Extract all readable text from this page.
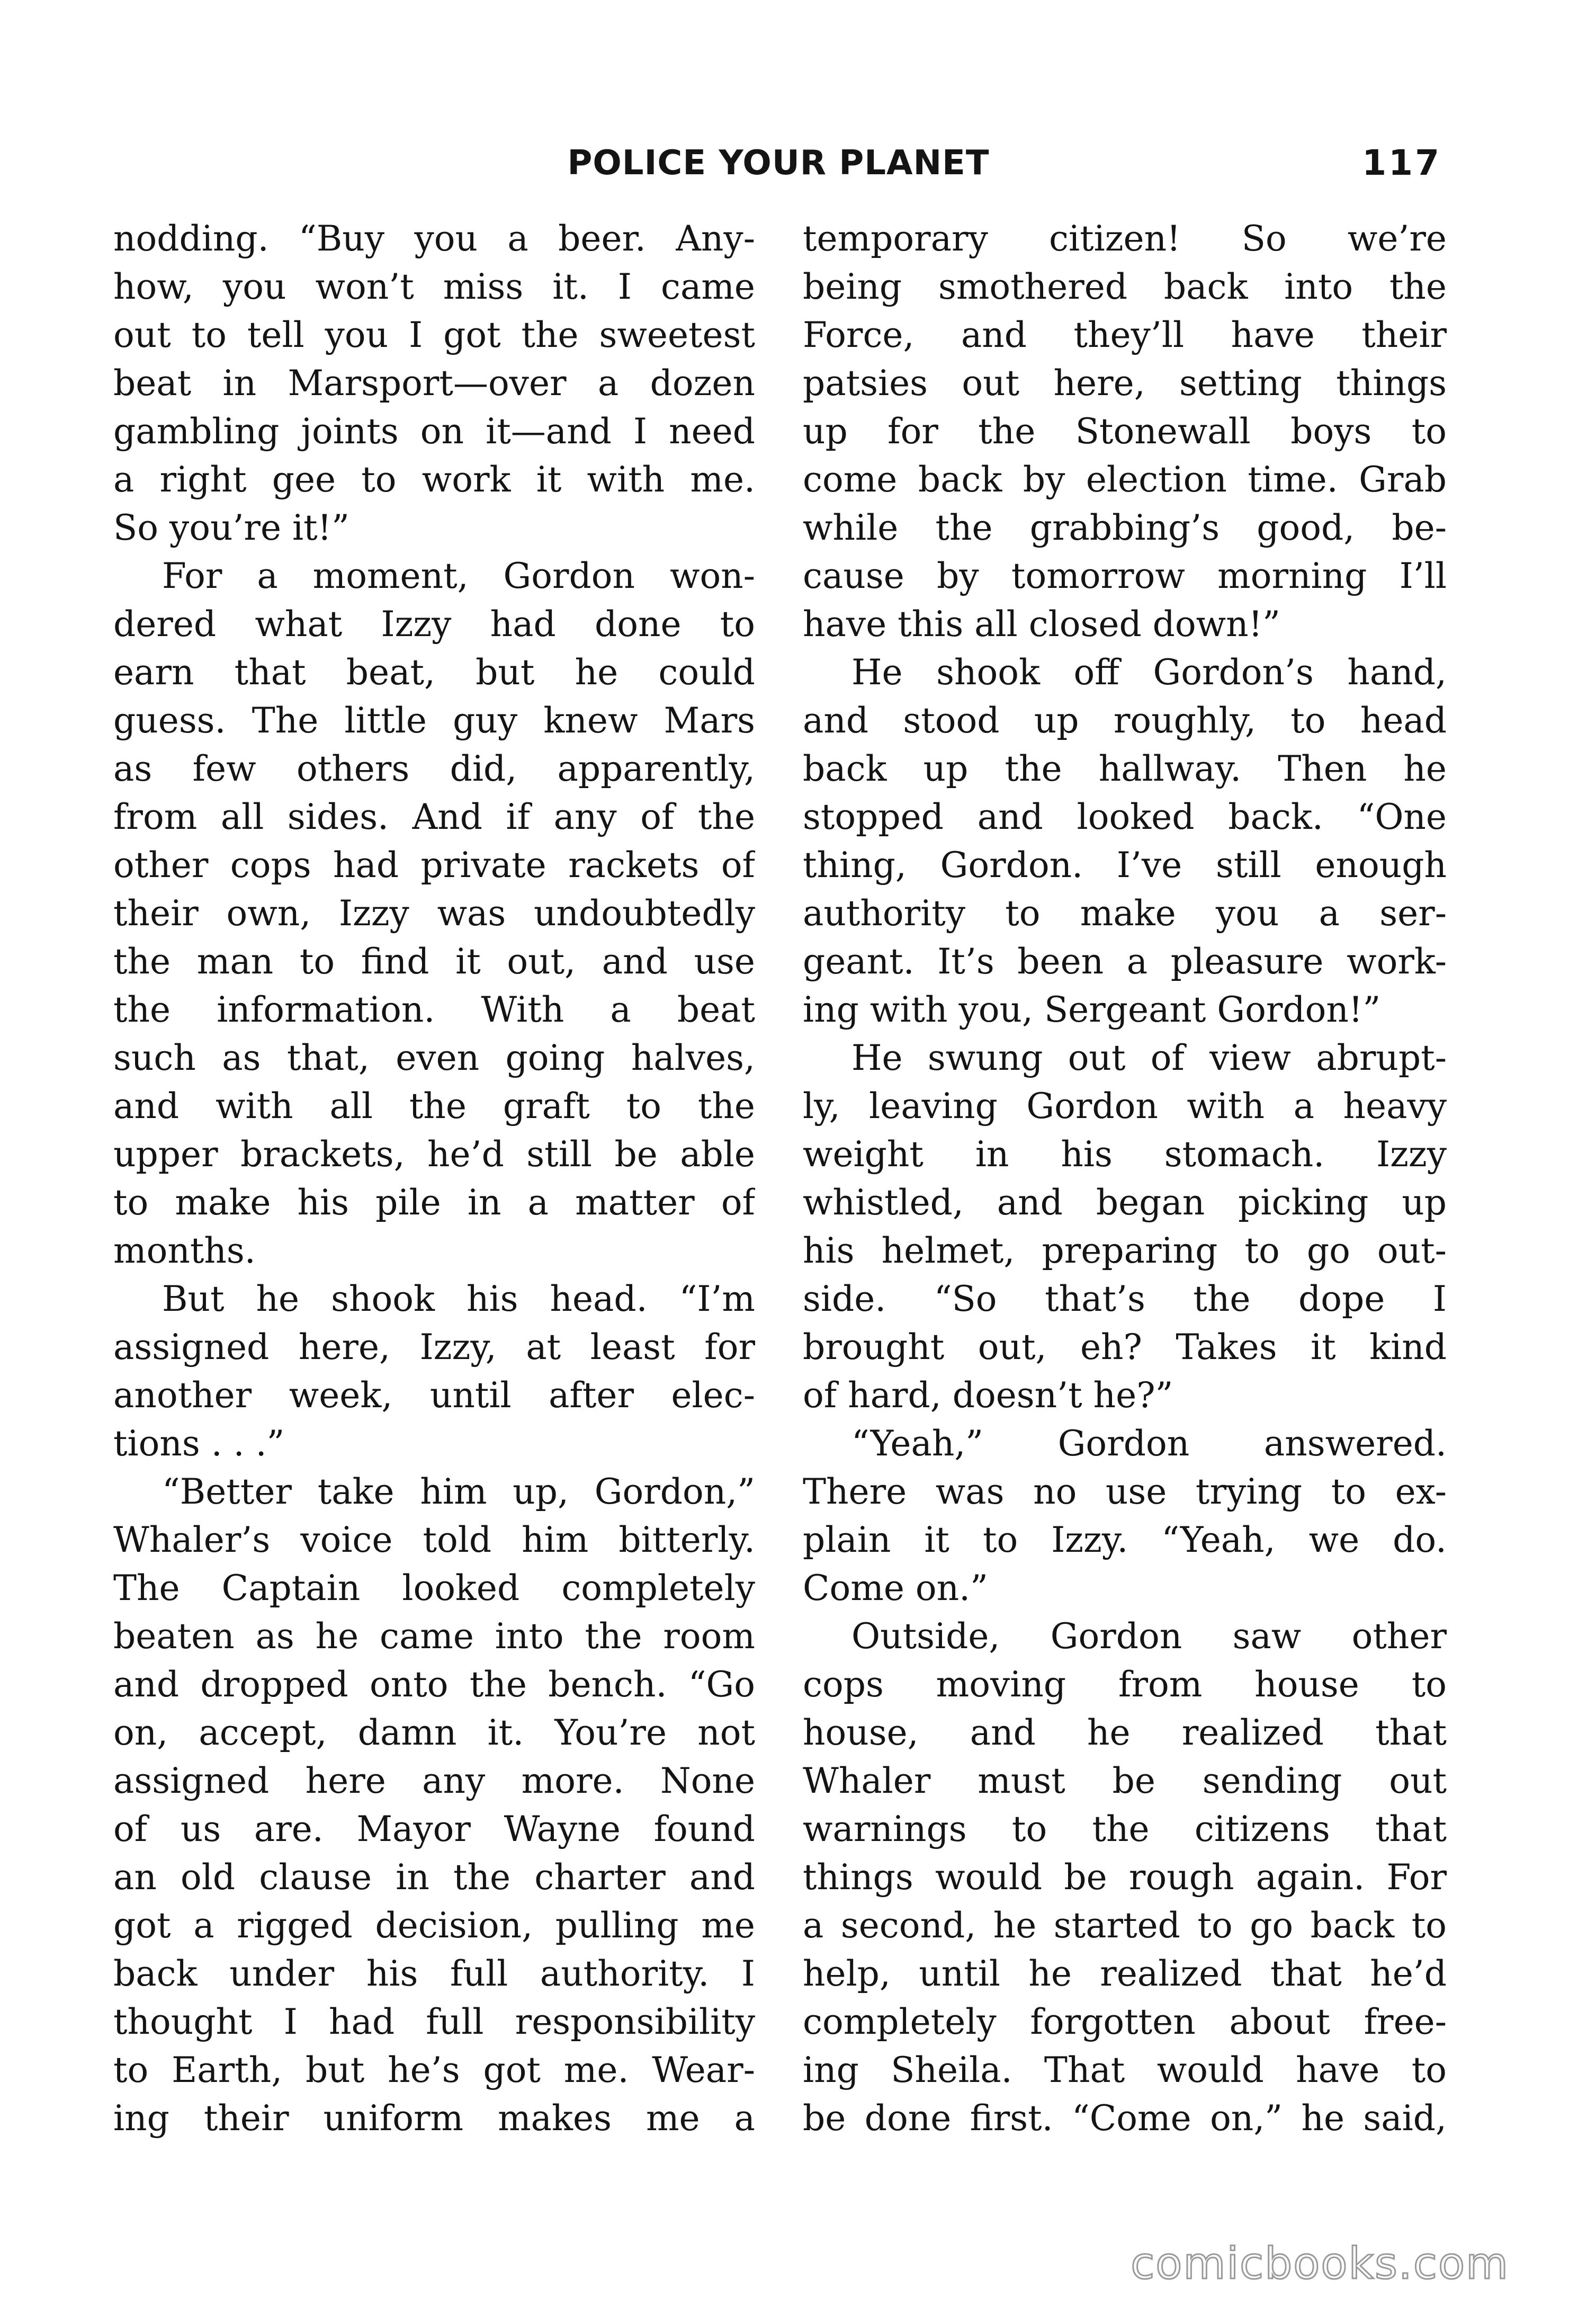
POLICE YOUR PLANET	117
nodding. “Buy you a beer. Any-
how, you won’t miss it. I came
out to tell you I got the sweetest
beat in Marsport—over a dozen
gambling joints on it—and I need
a right gee to work it with me.
So you’re it!”
For a moment, Gordon won-
dered what Izzy had done to
earn that beat, but he could
guess. The little guy knew Mars
as few others did, apparently,
from all sides. And if any of the
other cops had private rackets of
their own, Izzy was undoubtedly
the man to find it out, and use
the information. With a beat
such as that, even going halves,
and with all the graft to the
upper brackets, he’d still be able
to make his pile in a matter of
months.
But he shook his head. “I’m
assigned here, Izzy, at least for
another week, until after elec-
tions . . .”
“Better take him up, Gordon,”
Whaler’s voice told him bitterly.
The Captain looked completely
beaten as he came into the room
and dropped onto the bench. “Go
on, accept, damn it. You’re not
assigned here any more. None
of us are. Mayor Wayne found
an old clause in the charter and
got a rigged decision, pulling me
back under his full authority. I
thought I had full responsibility
to Earth, but he’s got me. Wear-
ing their uniform makes me a
temporary citizen! So we’re
being smothered back into the
Force, and they’ll have their
patsies out here, setting things
up for the Stonewall boys to
come back by election time. Grab
while the grabbing’s good, be-
cause by tomorrow morning I’ll
have this all closed down!”
He shook off Gordon’s hand,
and stood up roughly, to head
back up the hallway. Then he
stopped and looked back. “One
thing, Gordon. I’ve still enough
authority to make you a ser-
geant. It’s been a pleasure work-
ing with you, Sergeant Gordon!”
He swung out of view abrupt-
ly, leaving Gordon with a heavy
weight in his stomach. Izzy
whistled, and began picking up
his helmet, preparing to go out-
side. “So that’s the dope I
brought out, eh? Takes it kind
of hard, doesn’t he?”
“Yeah,” Gordon answered.
There was no use trying to ex-
plain it to Izzy. “Yeah, we do.
Come on.”
Outside, Gordon saw other
cops moving from house to
house, and he realized that
Whaler must be sending out
warnings to the citizens that
things would be rough again. For
a second, he started to go back to
help, until he realized that he’d
completely forgotten about free-
ing Sheila. That would have to
be done first. “Come on,” he said,
comicbooks.com
